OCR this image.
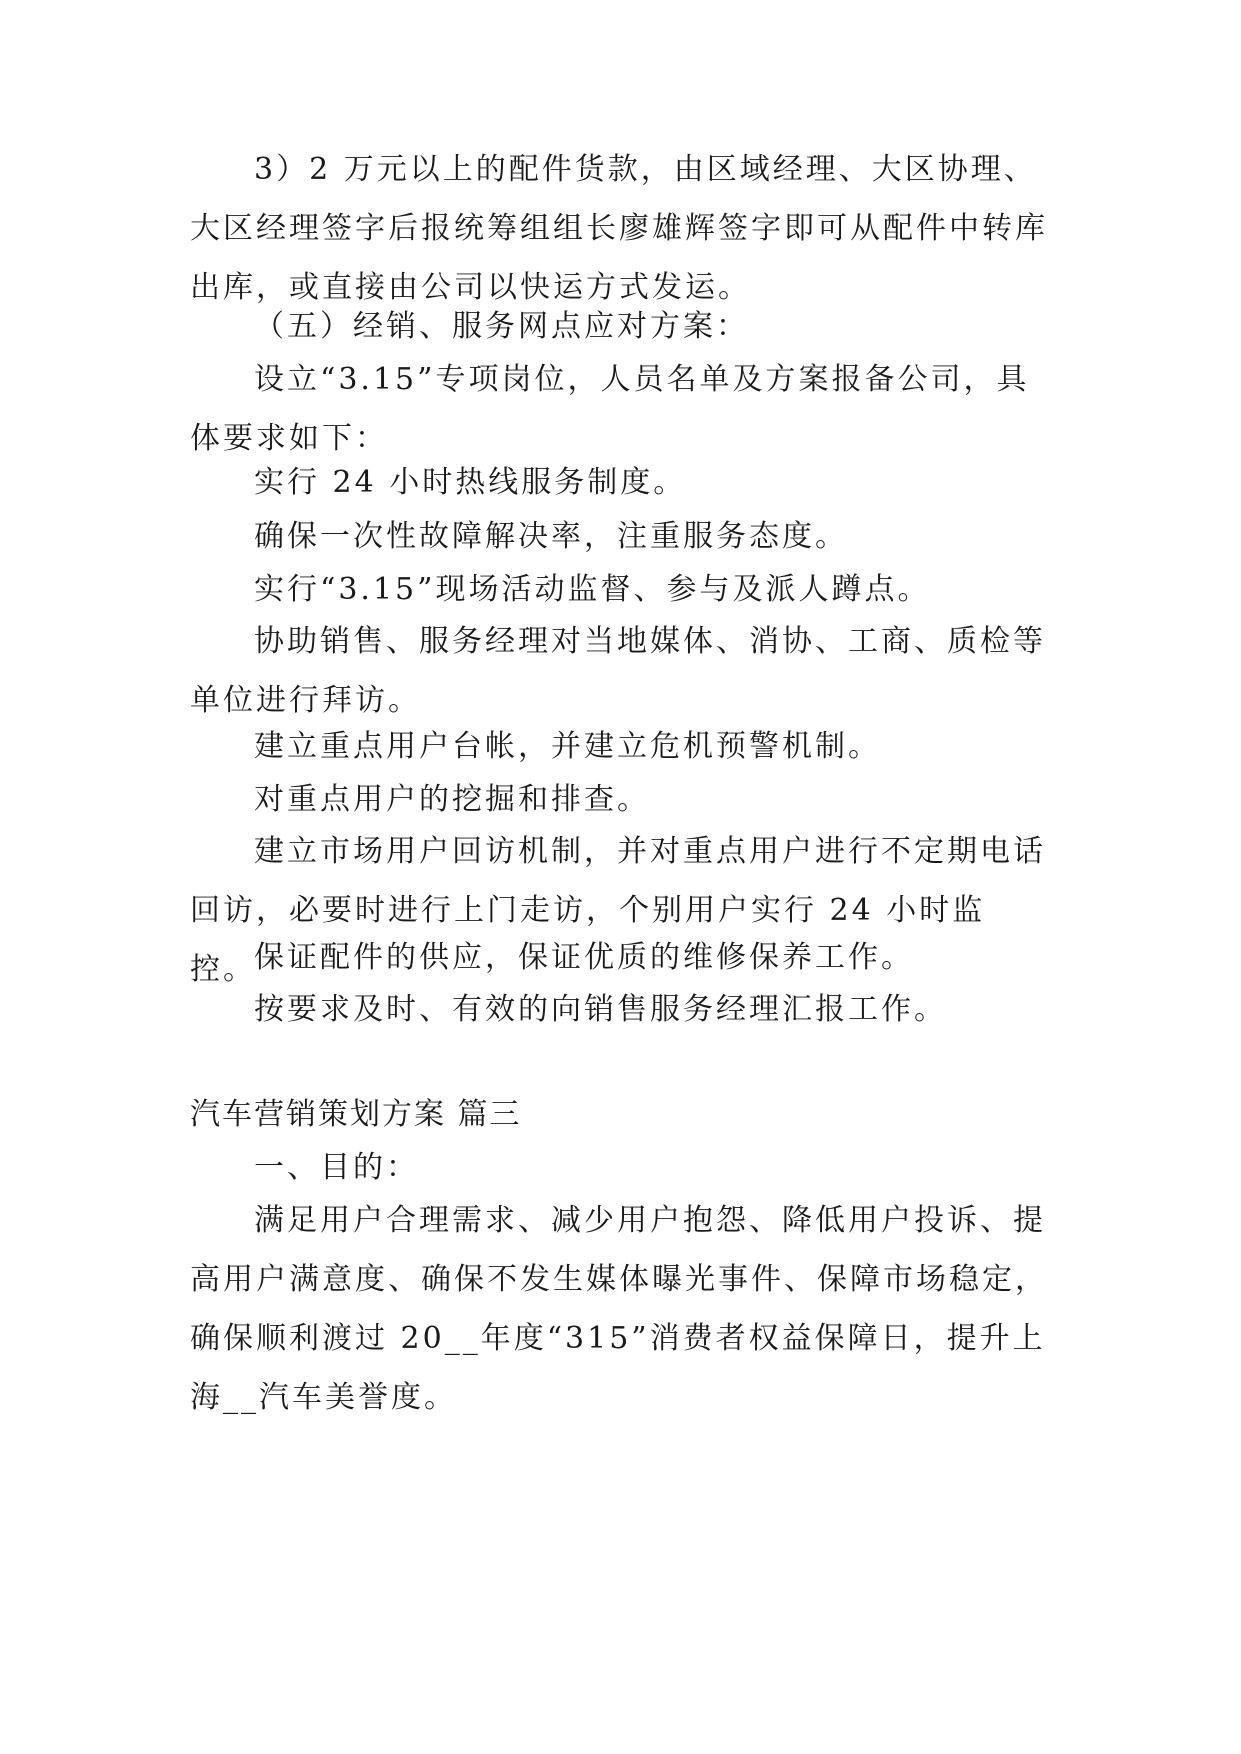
3）2 万元以上的配件货款，由区域经理、大区协理、大区经理签字后报统筹组组长廖雄辉签字即可从配件中转库出库，或直接由公司以快运方式发运。

（五）经销、服务网点应对方案：

设立“3.15”专项岗位，人员名单及方案报备公司，具体要求如下：

实行 24 小时热线服务制度。

确保一次性故障解决率，注重服务态度。

实行“3.15”现场活动监督、参与及派人蹲点。

协助销售、服务经理对当地媒体、消协、工商、质检等单位进行拜访。

建立重点用户台帐，并建立危机预警机制。

对重点用户的挖掘和排查。

建立市场用户回访机制，并对重点用户进行不定期电话回访，必要时进行上门走访，个别用户实行 24 小时监控。

保证配件的供应，保证优质的维修保养工作。

按要求及时、有效的向销售服务经理汇报工作。

汽车营销策划方案 篇三

一、目的：

满足用户合理需求、减少用户抱怨、降低用户投诉、提高用户满意度、确保不发生媒体曝光事件、保障市场稳定，确保顺利渡过 20__年度“315”消费者权益保障日，提升上海__汽车美誉度。
